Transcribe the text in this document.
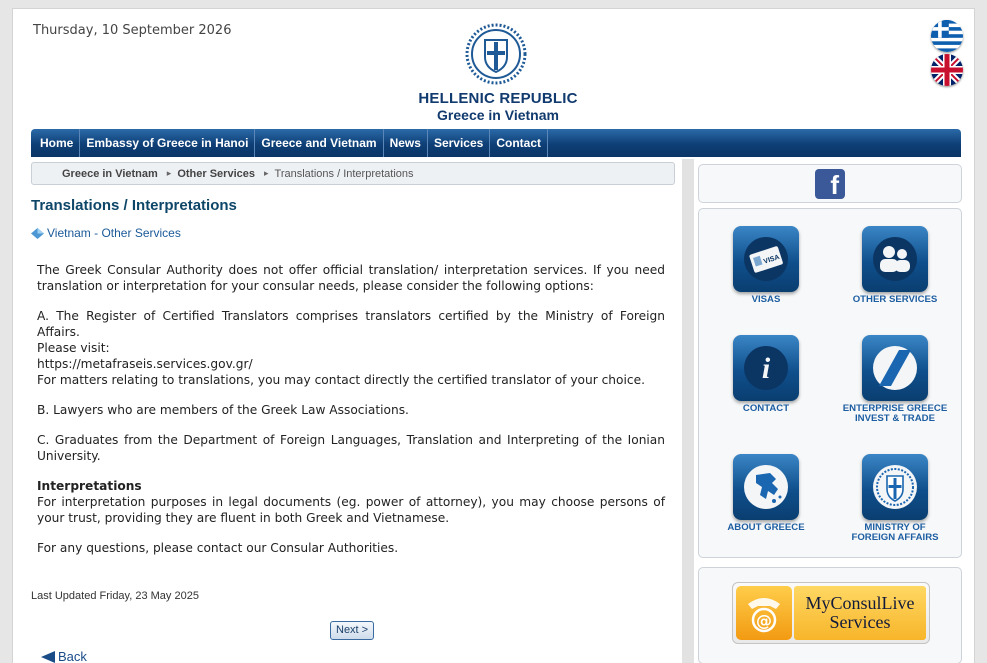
Thursday, 10 September 2026
HELLENIC REPUBLIC
Greece in Vietnam
Home	Embassy of Greece in Hanoi	Greece and Vietnam	News	Services	Contact
Greece in Vietnam ▸ Other Services ▸ Translations / Interpretations
Translations / Interpretations
Vietnam - Other Services

The Greek Consular Authority does not offer official translation/ interpretation services. If you need translation or interpretation for your consular needs, please consider the following options:

A. The Register of Certified Translators comprises translators certified by the Ministry of Foreign Affairs.
Please visit:
https://metafraseis.services.gov.gr/
For matters relating to translations, you may contact directly the certified translator of your choice.

B. Lawyers who are members of the Greek Law Associations.

C. Graduates from the Department of Foreign Languages, Translation and Interpreting of the Ionian University.

Interpretations
For interpretation purposes in legal documents (eg. power of attorney), you may choose persons of your trust, providing they are fluent in both Greek and Vietnamese.

For any questions, please contact our Consular Authorities.

Last Updated Friday, 23 May 2025
Next >
Back
f
VISA
VISAS	OTHER SERVICES
i
CONTACT	ENTERPRISE GREECE
INVEST & TRADE
ABOUT GREECE	MINISTRY OF
FOREIGN AFFAIRS
@
MyConsulLive
Services
